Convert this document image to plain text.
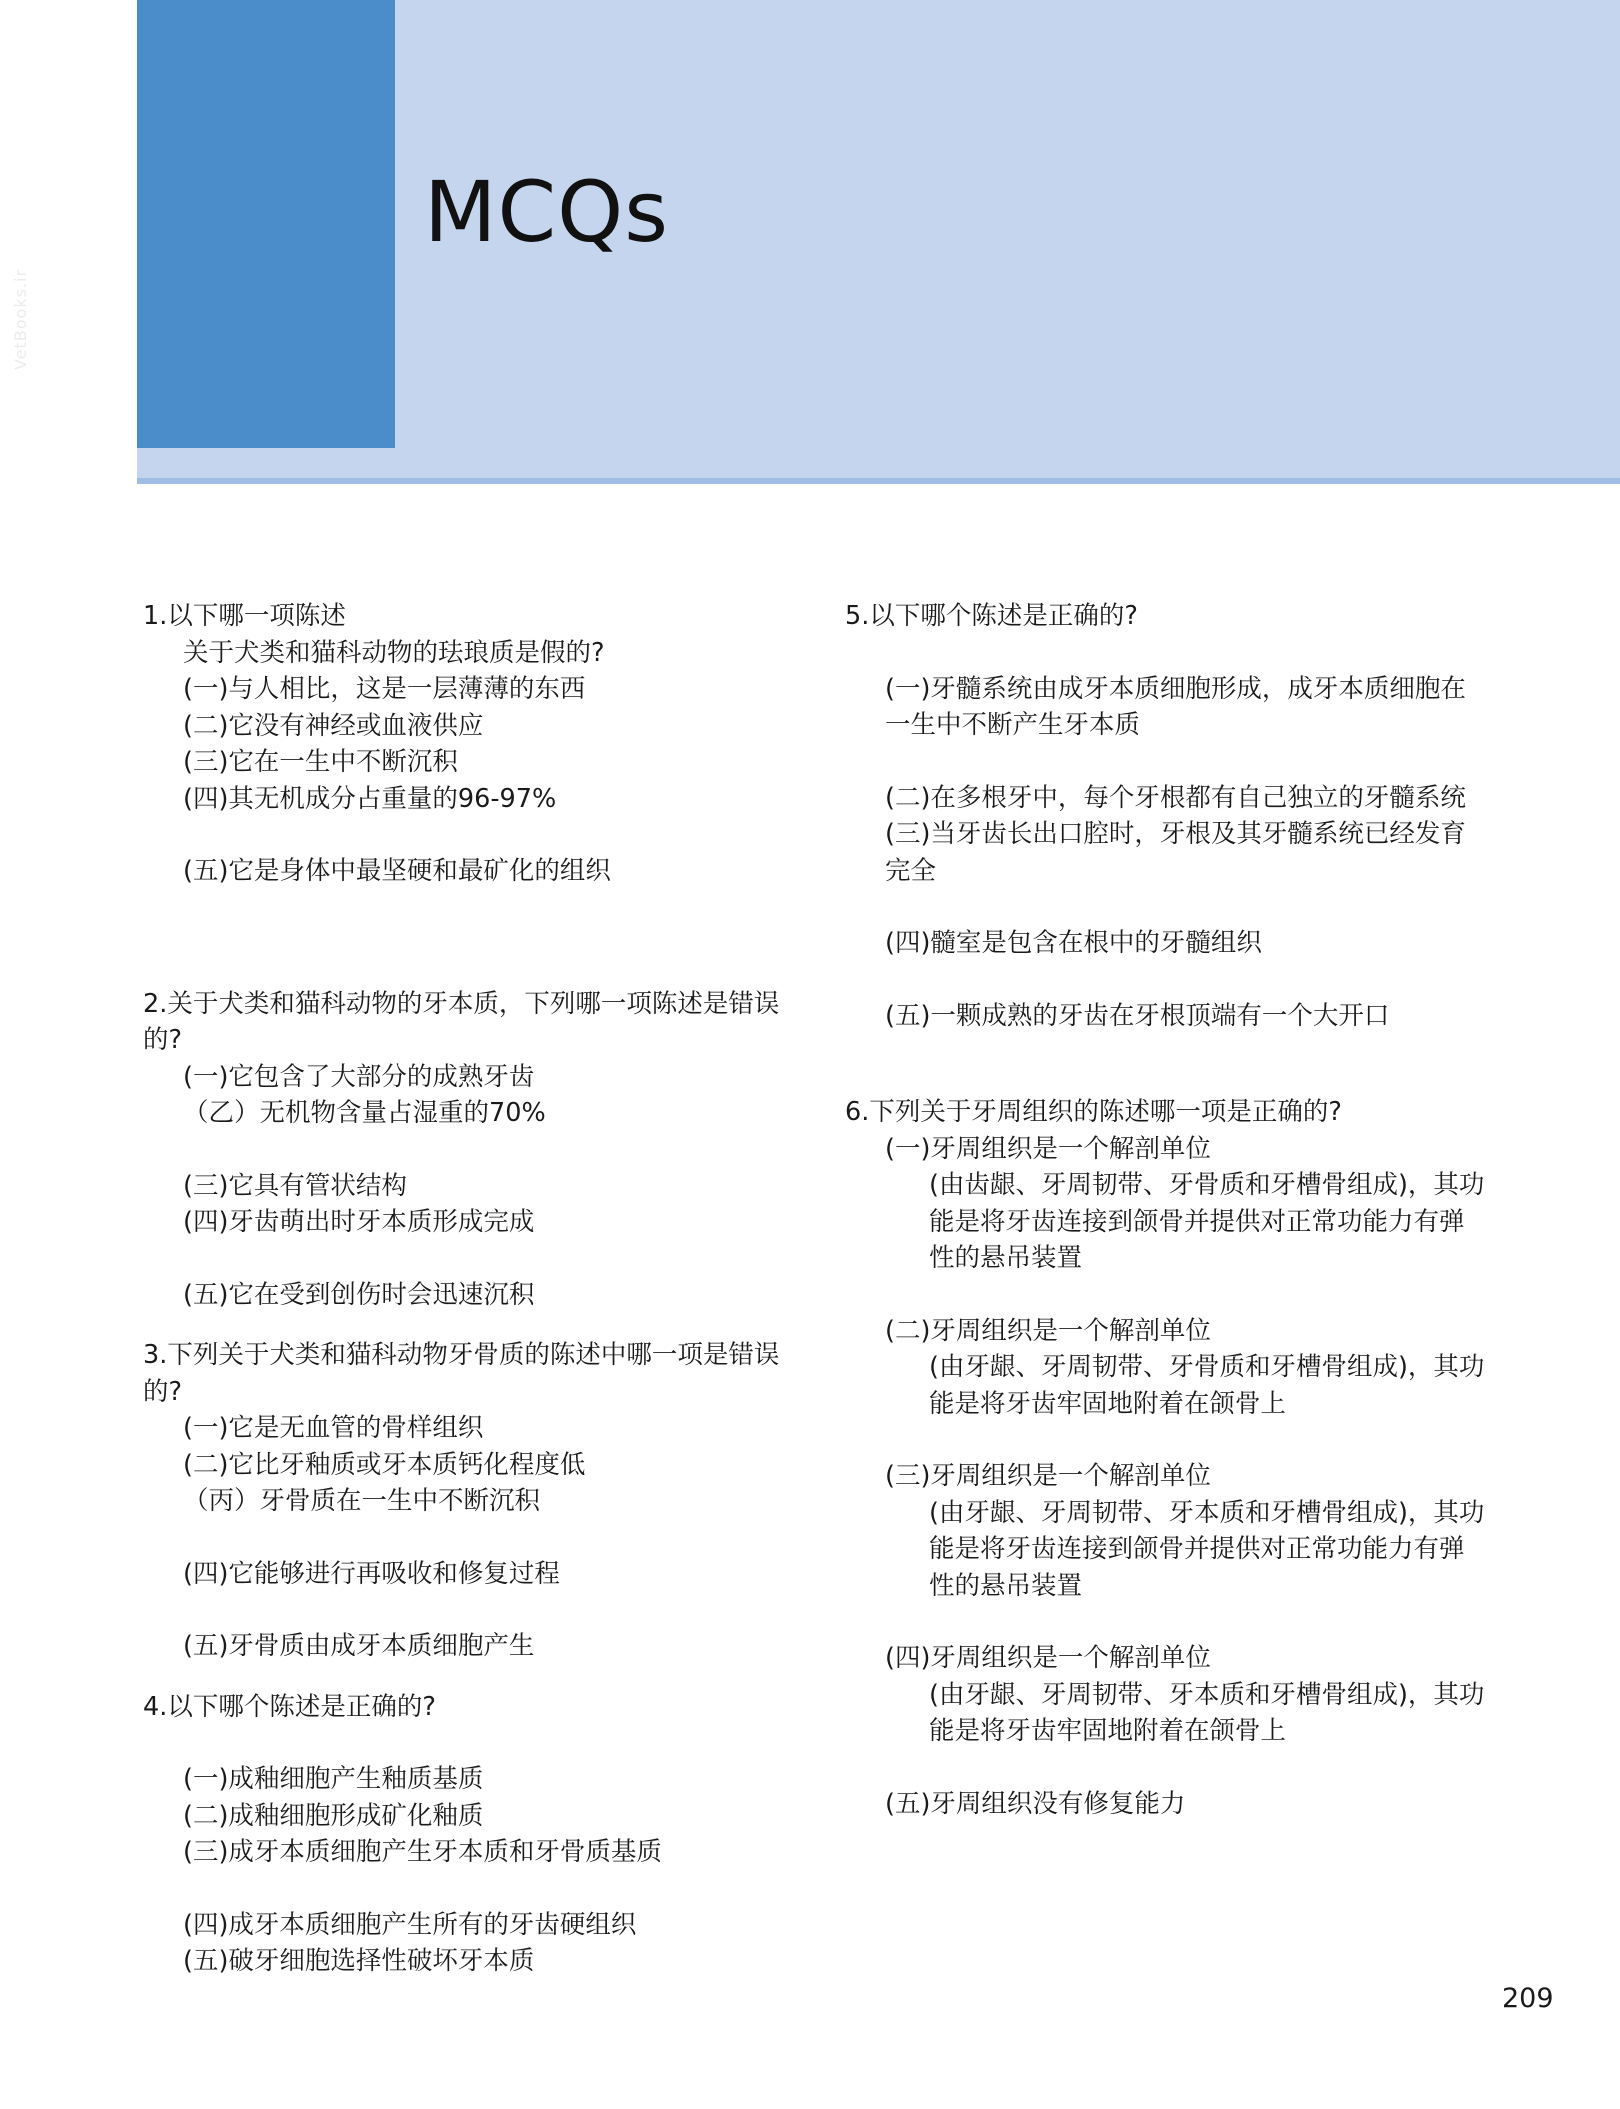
MCQs
VetBooks.ir
1.以下哪一项陈述
关于犬类和猫科动物的珐琅质是假的?
(一)与人相比，这是一层薄薄的东西
(二)它没有神经或血液供应
(三)它在一生中不断沉积
(四)其无机成分占重量的96-97%
(五)它是身体中最坚硬和最矿化的组织
2.关于犬类和猫科动物的牙本质，下列哪一项陈述是错误的?
(一)它包含了大部分的成熟牙齿
（乙）无机物含量占湿重的70%
(三)它具有管状结构
(四)牙齿萌出时牙本质形成完成
(五)它在受到创伤时会迅速沉积
3.下列关于犬类和猫科动物牙骨质的陈述中哪一项是错误的?
(一)它是无血管的骨样组织
(二)它比牙釉质或牙本质钙化程度低
（丙）牙骨质在一生中不断沉积
(四)它能够进行再吸收和修复过程
(五)牙骨质由成牙本质细胞产生
4.以下哪个陈述是正确的?
(一)成釉细胞产生釉质基质
(二)成釉细胞形成矿化釉质
(三)成牙本质细胞产生牙本质和牙骨质基质
(四)成牙本质细胞产生所有的牙齿硬组织
(五)破牙细胞选择性破坏牙本质
5.以下哪个陈述是正确的?
(一)牙髓系统由成牙本质细胞形成，成牙本质细胞在一生中不断产生牙本质
(二)在多根牙中，每个牙根都有自己独立的牙髓系统
(三)当牙齿长出口腔时，牙根及其牙髓系统已经发育完全
(四)髓室是包含在根中的牙髓组织
(五)一颗成熟的牙齿在牙根顶端有一个大开口
6.下列关于牙周组织的陈述哪一项是正确的?
(一)牙周组织是一个解剖单位
(由齿龈、牙周韧带、牙骨质和牙槽骨组成)，其功能是将牙齿连接到颌骨并提供对正常功能力有弹性的悬吊装置
(二)牙周组织是一个解剖单位
(由牙龈、牙周韧带、牙骨质和牙槽骨组成)，其功能是将牙齿牢固地附着在颌骨上
(三)牙周组织是一个解剖单位
(由牙龈、牙周韧带、牙本质和牙槽骨组成)，其功能是将牙齿连接到颌骨并提供对正常功能力有弹性的悬吊装置
(四)牙周组织是一个解剖单位
(由牙龈、牙周韧带、牙本质和牙槽骨组成)，其功能是将牙齿牢固地附着在颌骨上
(五)牙周组织没有修复能力
209
